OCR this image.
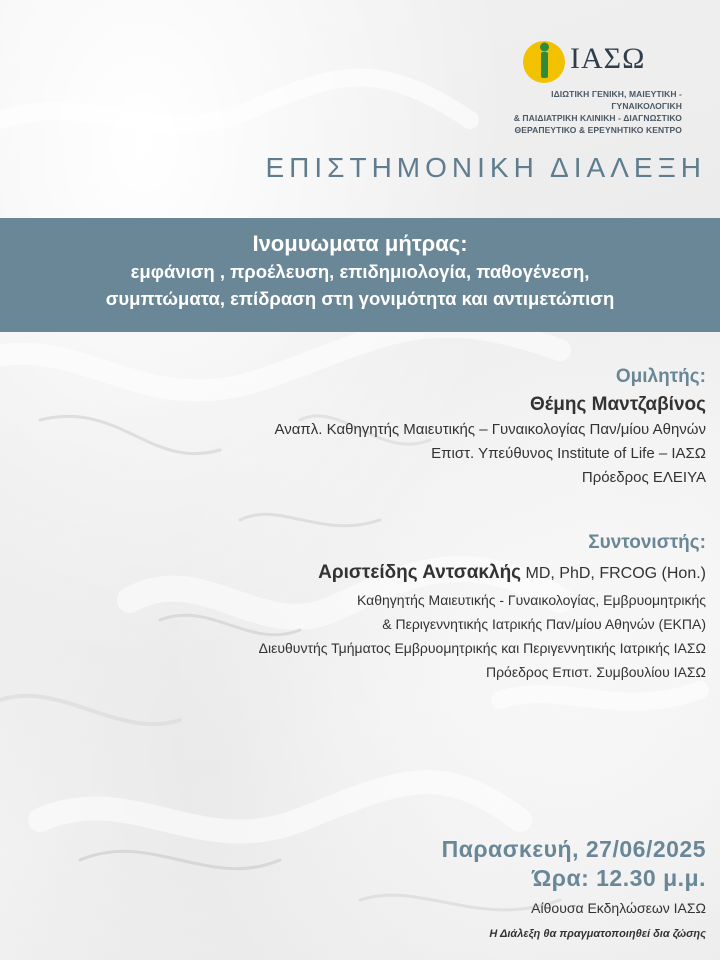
ΙΑΣΩ
ΙΔΙΩΤΙΚΗ ΓΕΝΙΚΗ, ΜΑΙΕΥΤΙΚΗ - ΓΥΝΑΙΚΟΛΟΓΙΚΗ
& ΠΑΙΔΙΑΤΡΙΚΗ ΚΛΙΝΙΚΗ - ΔΙΑΓΝΩΣΤΙΚΟ
ΘΕΡΑΠΕΥΤΙΚΟ & ΕΡΕΥΝΗΤΙΚΟ ΚΕΝΤΡΟ
ΕΠΙΣΤΗΜΟΝΙΚΗ ΔΙΑΛΕΞΗ
Ινομυωματα μήτρας:
εμφάνιση , προέλευση, επιδημιολογία, παθογένεση,
συμπτώματα, επίδραση στη γονιμότητα και αντιμετώπιση
Ομιλητής:
Θέμης Μαντζαβίνος
Αναπλ. Καθηγητής Μαιευτικής – Γυναικολογίας Παν/μίου Αθηνών
Επιστ. Υπεύθυνος Institute of Life – ΙΑΣΩ
Πρόεδρος ΕΛΕΙΥΑ
Συντονιστής:
Αριστείδης Αντσακλής MD, PhD, FRCOG (Hon.)
Καθηγητής Μαιευτικής - Γυναικολογίας, Εμβρυομητρικής
& Περιγεννητικής Ιατρικής Παν/μίου Αθηνών (ΕΚΠΑ)
Διευθυντής Τμήματος Εμβρυομητρικής και Περιγεννητικής Ιατρικής ΙΑΣΩ
Πρόεδρος Επιστ. Συμβουλίου ΙΑΣΩ
Παρασκευή, 27/06/2025
Ώρα: 12.30 μ.μ.
Αίθουσα Εκδηλώσεων ΙΑΣΩ
Η Διάλεξη θα πραγματοποιηθεί δια ζώσης
